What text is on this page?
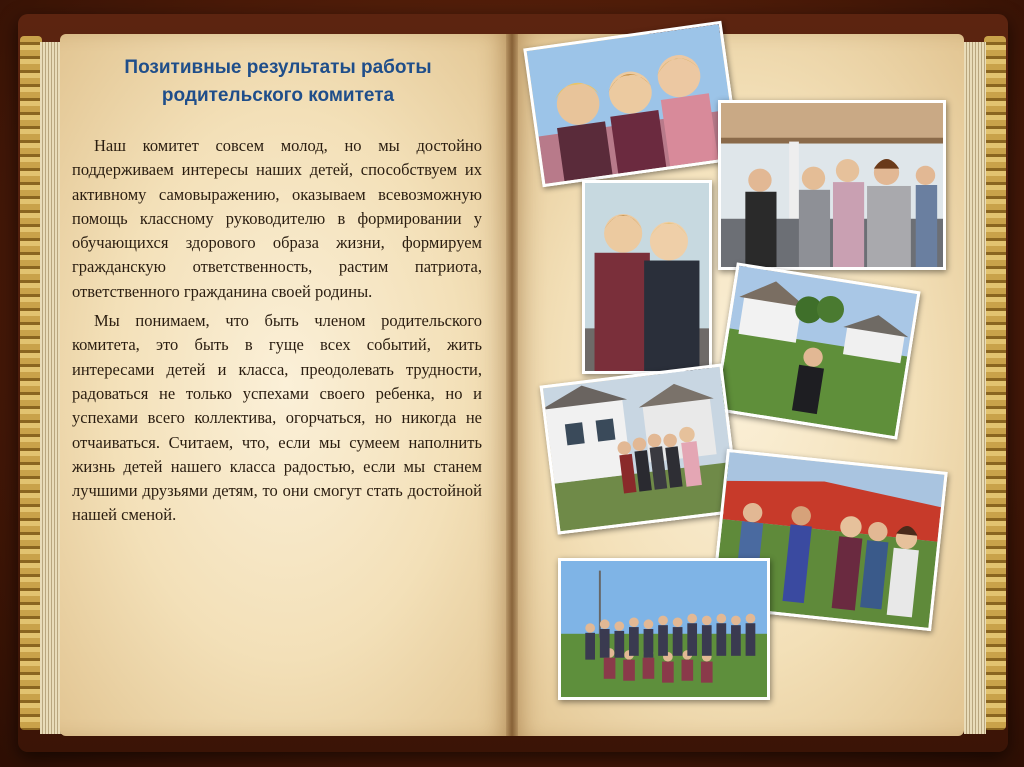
Позитивные результаты работы
родительского комитета

Наш комитет совсем молод, но мы достойно поддерживаем интересы наших детей, способствуем их активному самовыражению, оказываем всевозможную помощь классному руководителю в формировании у обучающихся здорового образа жизни, формируем гражданскую ответственность, растим патриота, ответственного гражданина своей родины.

Мы понимаем, что быть членом родительского комитета, это быть в гуще всех событий, жить интересами детей и класса, преодолевать трудности, радоваться не только успехами своего ребенка, но и успехами всего коллектива, огорчаться, но никогда не отчаиваться. Считаем, что, если мы сумеем наполнить жизнь детей нашего класса радостью, если мы станем лучшими друзьями детям, то они смогут стать достойной нашей сменой.
